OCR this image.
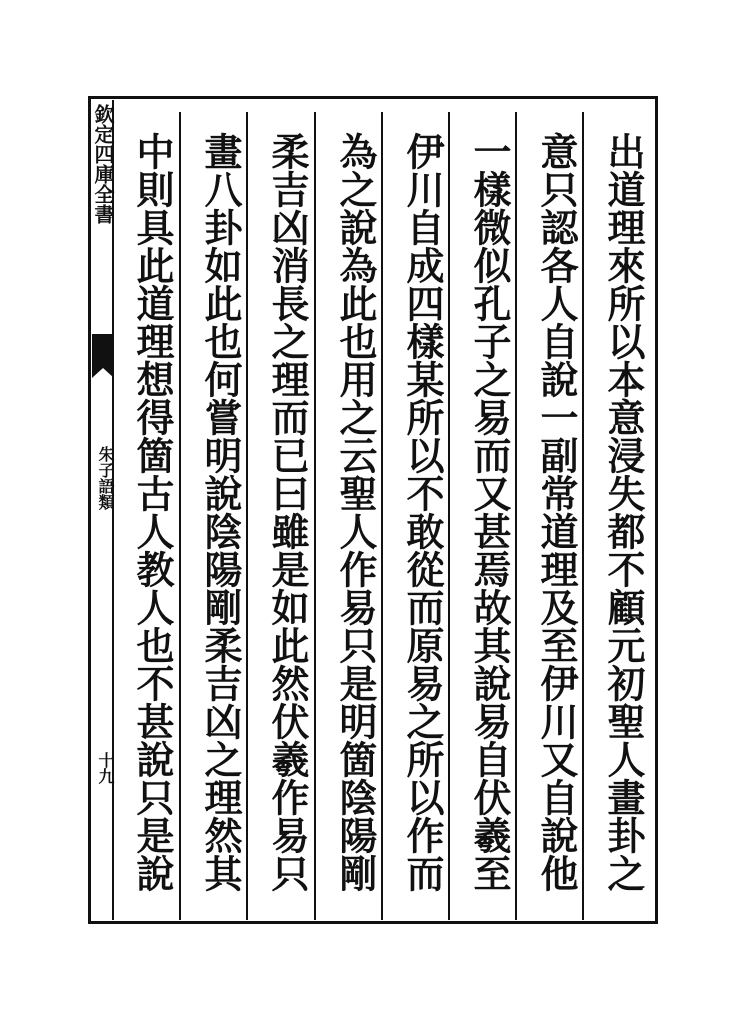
欽定四庫全書
朱子語類
十九	出道理來所以本意浸失都不顧元初聖人畫卦之
意只認各人自說一副常道理及至伊川又自說他
一樣微似孔子之易而又甚焉故其說易自伏羲至
伊川自成四樣某所以不敢從而原易之所以作而
為之說為此也用之云聖人作易只是明箇陰陽剛
柔吉凶消長之理而已曰雖是如此然伏羲作易只
畫八卦如此也何嘗明說陰陽剛柔吉凶之理然其
中則具此道理想得箇古人教人也不甚說只是說
